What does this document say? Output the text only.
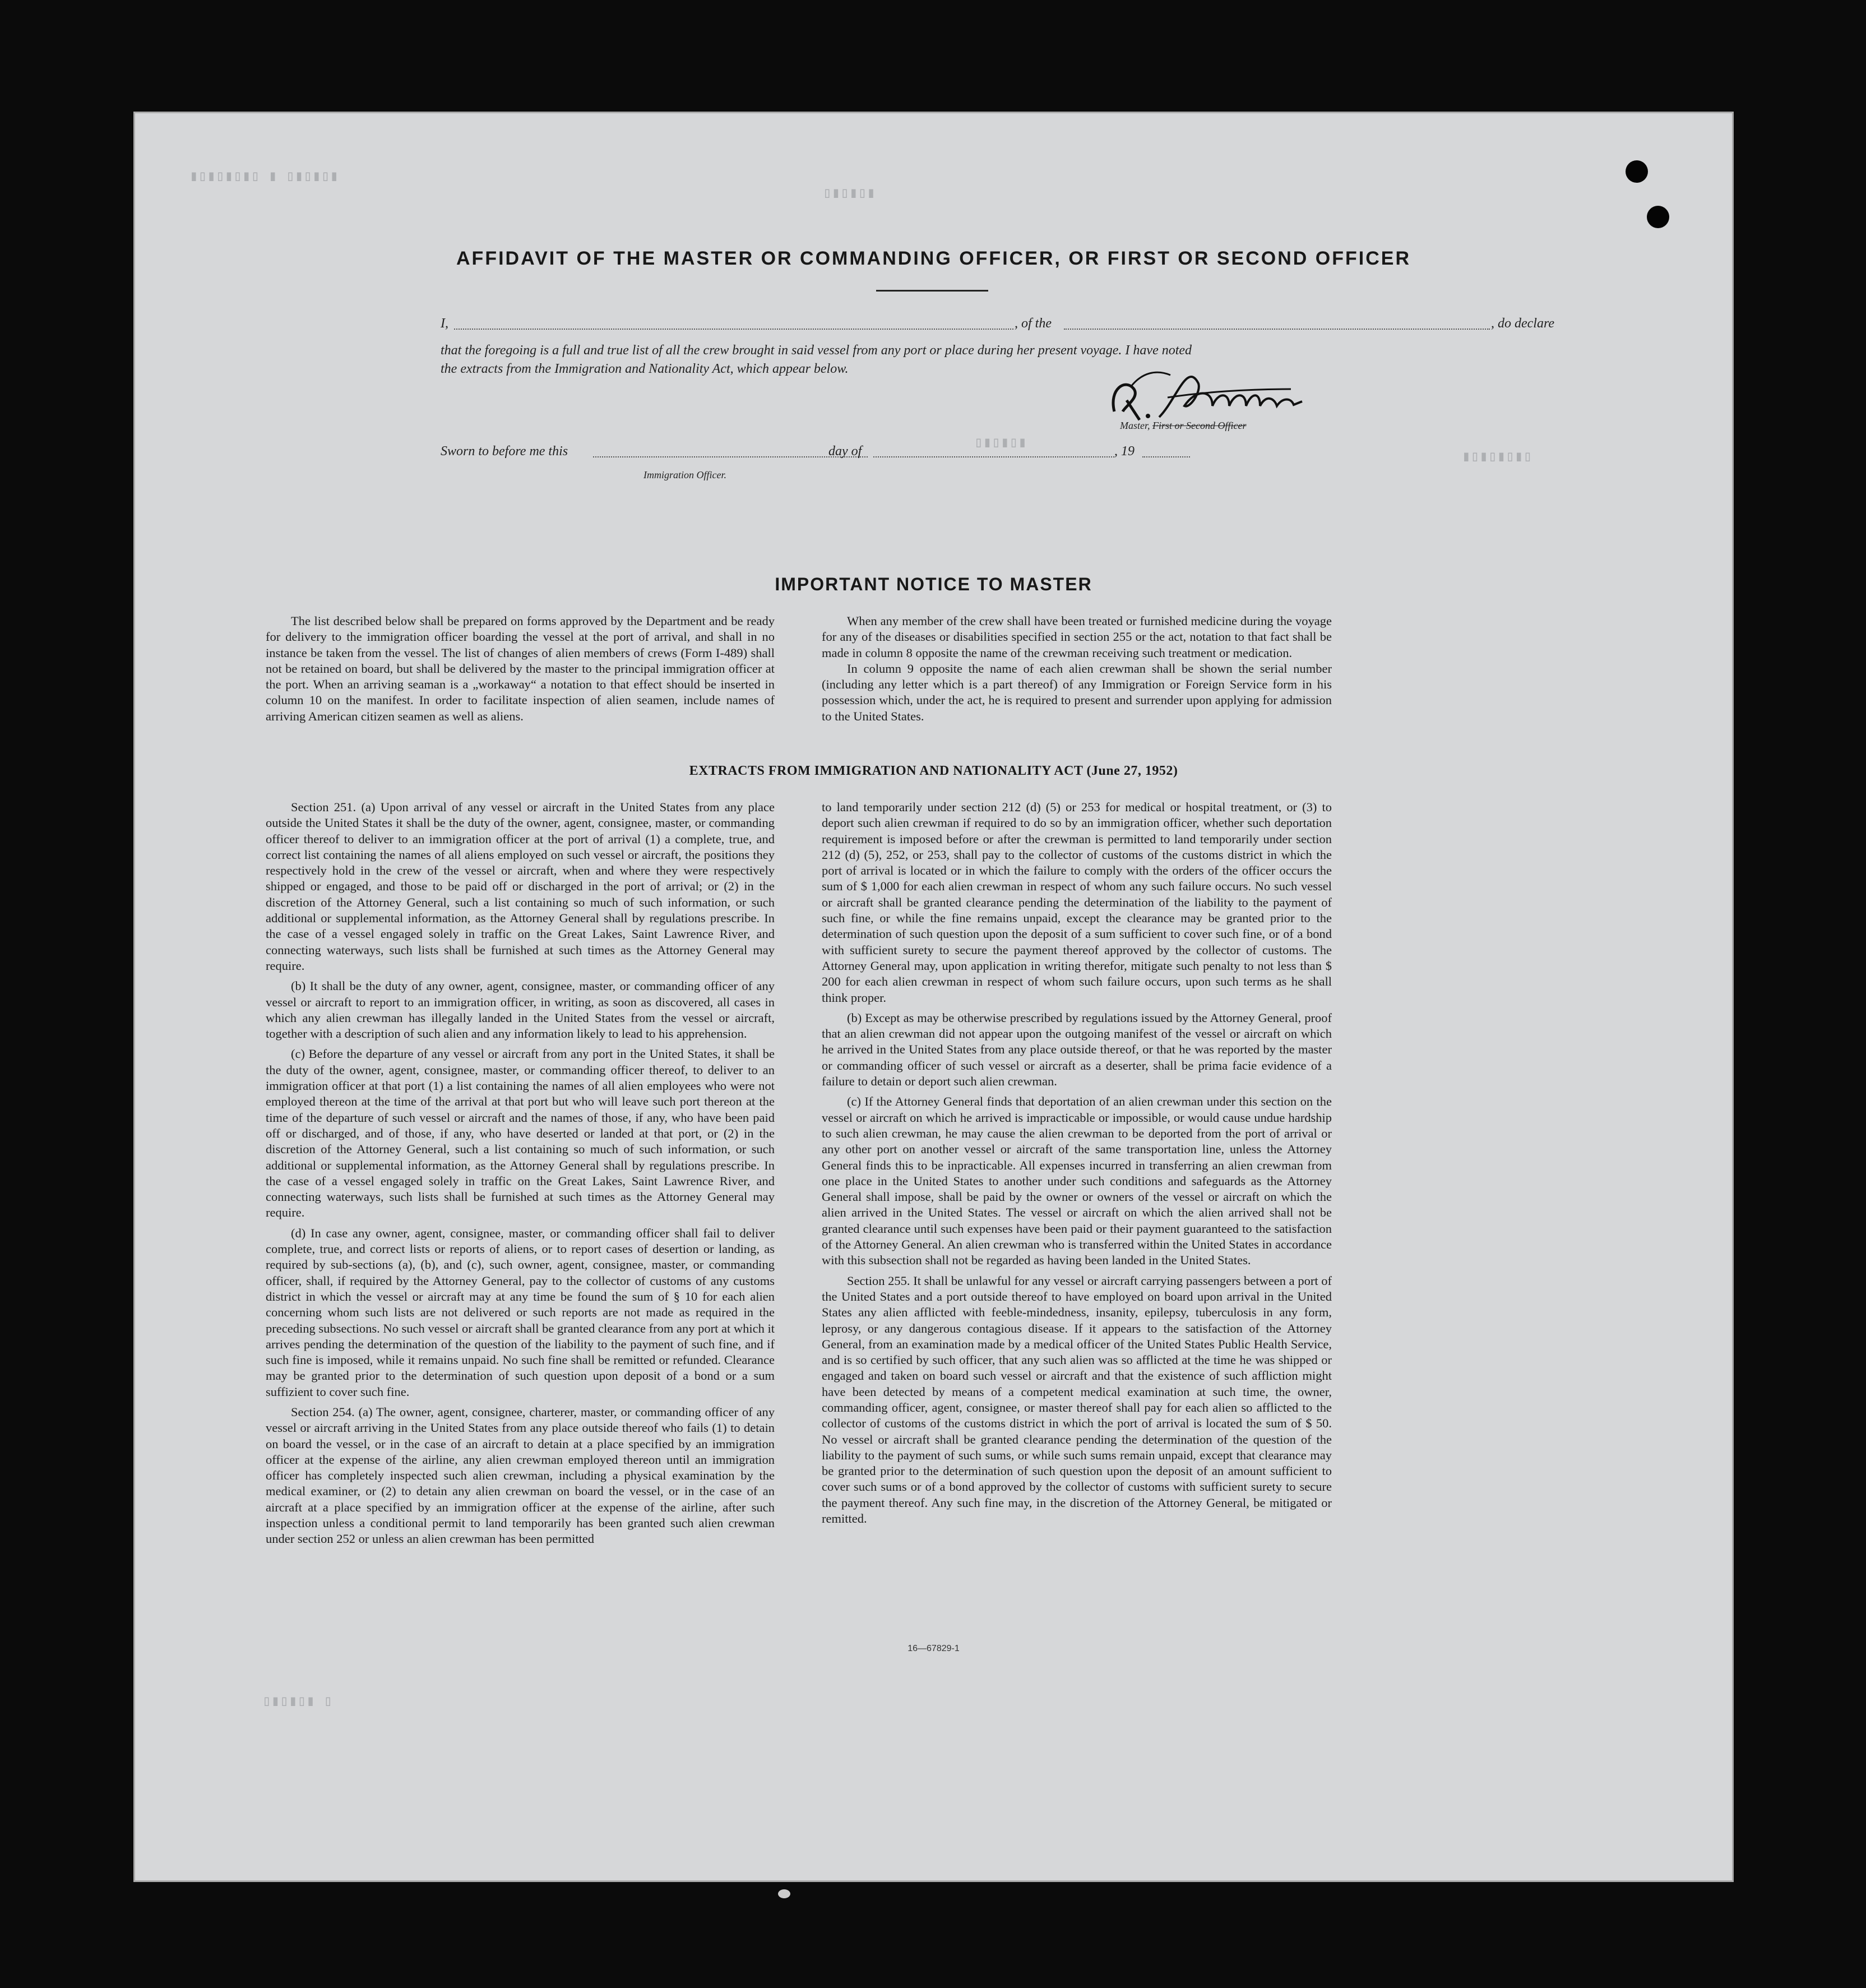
▮▯▮▯▮▯▮▯ ▮ ▯▮▯▮▯▮
▯▮▯▮▯▮
▯▮▯▮▯▮
▮▯▮▯▮▯▮▯
▯▮▯▮▯▮ ▯
AFFIDAVIT OF THE MASTER OR COMMANDING OFFICER, OR FIRST OR SECOND OFFICER
I,	, of the	, do declare
that the foregoing is a full and true list of all the crew brought in said vessel from any port or place during her present voyage. I have noted
the extracts from the Immigration and Nationality Act, which appear below.
Master, First or Second Officer
Sworn to before me this	day of	, 19
Immigration Officer.
IMPORTANT NOTICE TO MASTER

The list described below shall be prepared on forms approved by the Department and be ready for delivery to the immigration officer boarding the vessel at the port of arrival, and shall in no instance be taken from the vessel. The list of changes of alien members of crews (Form I-489) shall not be retained on board, but shall be delivered by the master to the principal immigration officer at the port. When an arriving seaman is a „workaway“ a notation to that effect should be inserted in column 10 on the manifest. In order to facilitate inspection of alien seamen, include names of arriving American citizen seamen as well as aliens.

When any member of the crew shall have been treated or furnished medicine during the voyage for any of the diseases or disabilities specified in section 255 or the act, notation to that fact shall be made in column 8 opposite the name of the crewman receiving such treatment or medication.

In column 9 opposite the name of each alien crewman shall be shown the serial number (including any letter which is a part thereof) of any Immigration or Foreign Service form in his possession which, under the act, he is required to present and surrender upon applying for admission to the United States.

EXTRACTS FROM IMMIGRATION AND NATIONALITY ACT (June 27, 1952)

Section 251. (a) Upon arrival of any vessel or aircraft in the United States from any place outside the United States it shall be the duty of the owner, agent, consignee, master, or commanding officer thereof to deliver to an immigration officer at the port of arrival (1) a complete, true, and correct list containing the names of all aliens employed on such vessel or aircraft, the positions they respectively hold in the crew of the vessel or aircraft, when and where they were respectively shipped or engaged, and those to be paid off or discharged in the port of arrival; or (2) in the discretion of the Attorney General, such a list containing so much of such information, or such additional or supplemental information, as the Attorney General shall by regulations prescribe. In the case of a vessel engaged solely in traffic on the Great Lakes, Saint Lawrence River, and connecting waterways, such lists shall be furnished at such times as the Attorney General may require.

(b) It shall be the duty of any owner, agent, consignee, master, or commanding officer of any vessel or aircraft to report to an immigration officer, in writing, as soon as discovered, all cases in which any alien crewman has illegally landed in the United States from the vessel or aircraft, together with a description of such alien and any information likely to lead to his apprehension.

(c) Before the departure of any vessel or aircraft from any port in the United States, it shall be the duty of the owner, agent, consignee, master, or commanding officer thereof, to deliver to an immigration officer at that port (1) a list containing the names of all alien employees who were not employed thereon at the time of the arrival at that port but who will leave such port thereon at the time of the departure of such vessel or aircraft and the names of those, if any, who have been paid off or discharged, and of those, if any, who have deserted or landed at that port, or (2) in the discretion of the Attorney General, such a list containing so much of such information, or such additional or supplemental information, as the Attorney General shall by regulations prescribe. In the case of a vessel engaged solely in traffic on the Great Lakes, Saint Lawrence River, and connecting waterways, such lists shall be furnished at such times as the Attorney General may require.

(d) In case any owner, agent, consignee, master, or commanding officer shall fail to deliver complete, true, and correct lists or reports of aliens, or to report cases of desertion or landing, as required by sub-sections (a), (b), and (c), such owner, agent, consignee, master, or commanding officer, shall, if required by the Attorney General, pay to the collector of customs of any customs district in which the vessel or aircraft may at any time be found the sum of § 10 for each alien concerning whom such lists are not delivered or such reports are not made as required in the preceding subsections. No such vessel or aircraft shall be granted clearance from any port at which it arrives pending the determination of the question of the liability to the payment of such fine, and if such fine is imposed, while it remains unpaid. No such fine shall be remitted or refunded. Clearance may be granted prior to the determination of such question upon deposit of a bond or a sum suffizient to cover such fine.

Section 254. (a) The owner, agent, consignee, charterer, master, or commanding officer of any vessel or aircraft arriving in the United States from any place outside thereof who fails (1) to detain on board the vessel, or in the case of an aircraft to detain at a place specified by an immigration officer at the expense of the airline, any alien crewman employed thereon until an immigration officer has completely inspected such alien crewman, including a physical examination by the medical examiner, or (2) to detain any alien crewman on board the vessel, or in the case of an aircraft at a place specified by an immigration officer at the expense of the airline, after such inspection unless a conditional permit to land temporarily has been granted such alien crewman under section 252 or unless an alien crewman has been permitted

to land temporarily under section 212 (d) (5) or 253 for medical or hospital treatment, or (3) to deport such alien crewman if required to do so by an immigration officer, whether such deportation requirement is imposed before or after the crewman is permitted to land temporarily under section 212 (d) (5), 252, or 253, shall pay to the collector of customs of the customs district in which the port of arrival is located or in which the failure to comply with the orders of the officer occurs the sum of $ 1,000 for each alien crewman in respect of whom any such failure occurs. No such vessel or aircraft shall be granted clearance pending the determination of the liability to the payment of such fine, or while the fine remains unpaid, except the clearance may be granted prior to the determination of such question upon the deposit of a sum sufficient to cover such fine, or of a bond with sufficient surety to secure the payment thereof approved by the collector of customs. The Attorney General may, upon application in writing therefor, mitigate such penalty to not less than $ 200 for each alien crewman in respect of whom such failure occurs, upon such terms as he shall think proper.

(b) Except as may be otherwise prescribed by regulations issued by the Attorney General, proof that an alien crewman did not appear upon the outgoing manifest of the vessel or aircraft on which he arrived in the United States from any place outside thereof, or that he was reported by the master or commanding officer of such vessel or aircraft as a deserter, shall be prima facie evidence of a failure to detain or deport such alien crewman.

(c) If the Attorney General finds that deportation of an alien crewman under this section on the vessel or aircraft on which he arrived is impracticable or impossible, or would cause undue hardship to such alien crewman, he may cause the alien crewman to be deported from the port of arrival or any other port on another vessel or aircraft of the same transportation line, unless the Attorney General finds this to be inpracticable. All expenses incurred in transferring an alien crewman from one place in the United States to another under such conditions and safeguards as the Attorney General shall impose, shall be paid by the owner or owners of the vessel or aircraft on which the alien arrived in the United States. The vessel or aircraft on which the alien arrived shall not be granted clearance until such expenses have been paid or their payment guaranteed to the satisfaction of the Attorney General. An alien crewman who is transferred within the United States in accordance with this subsection shall not be regarded as having been landed in the United States.

Section 255. It shall be unlawful for any vessel or aircraft carrying passengers between a port of the United States and a port outside thereof to have employed on board upon arrival in the United States any alien afflicted with feeble-mindedness, insanity, epilepsy, tuberculosis in any form, leprosy, or any dangerous contagious disease. If it appears to the satisfaction of the Attorney General, from an examination made by a medical officer of the United States Public Health Service, and is so certified by such officer, that any such alien was so afflicted at the time he was shipped or engaged and taken on board such vessel or aircraft and that the existence of such affliction might have been detected by means of a competent medical examination at such time, the owner, commanding officer, agent, consignee, or master thereof shall pay for each alien so afflicted to the collector of customs of the customs district in which the port of arrival is located the sum of $ 50. No vessel or aircraft shall be granted clearance pending the determination of the question of the liability to the payment of such sums, or while such sums remain unpaid, except that clearance may be granted prior to the determination of such question upon the deposit of an amount sufficient to cover such sums or of a bond approved by the collector of customs with sufficient surety to secure the payment thereof. Any such fine may, in the discretion of the Attorney General, be mitigated or remitted.

16—67829-1
